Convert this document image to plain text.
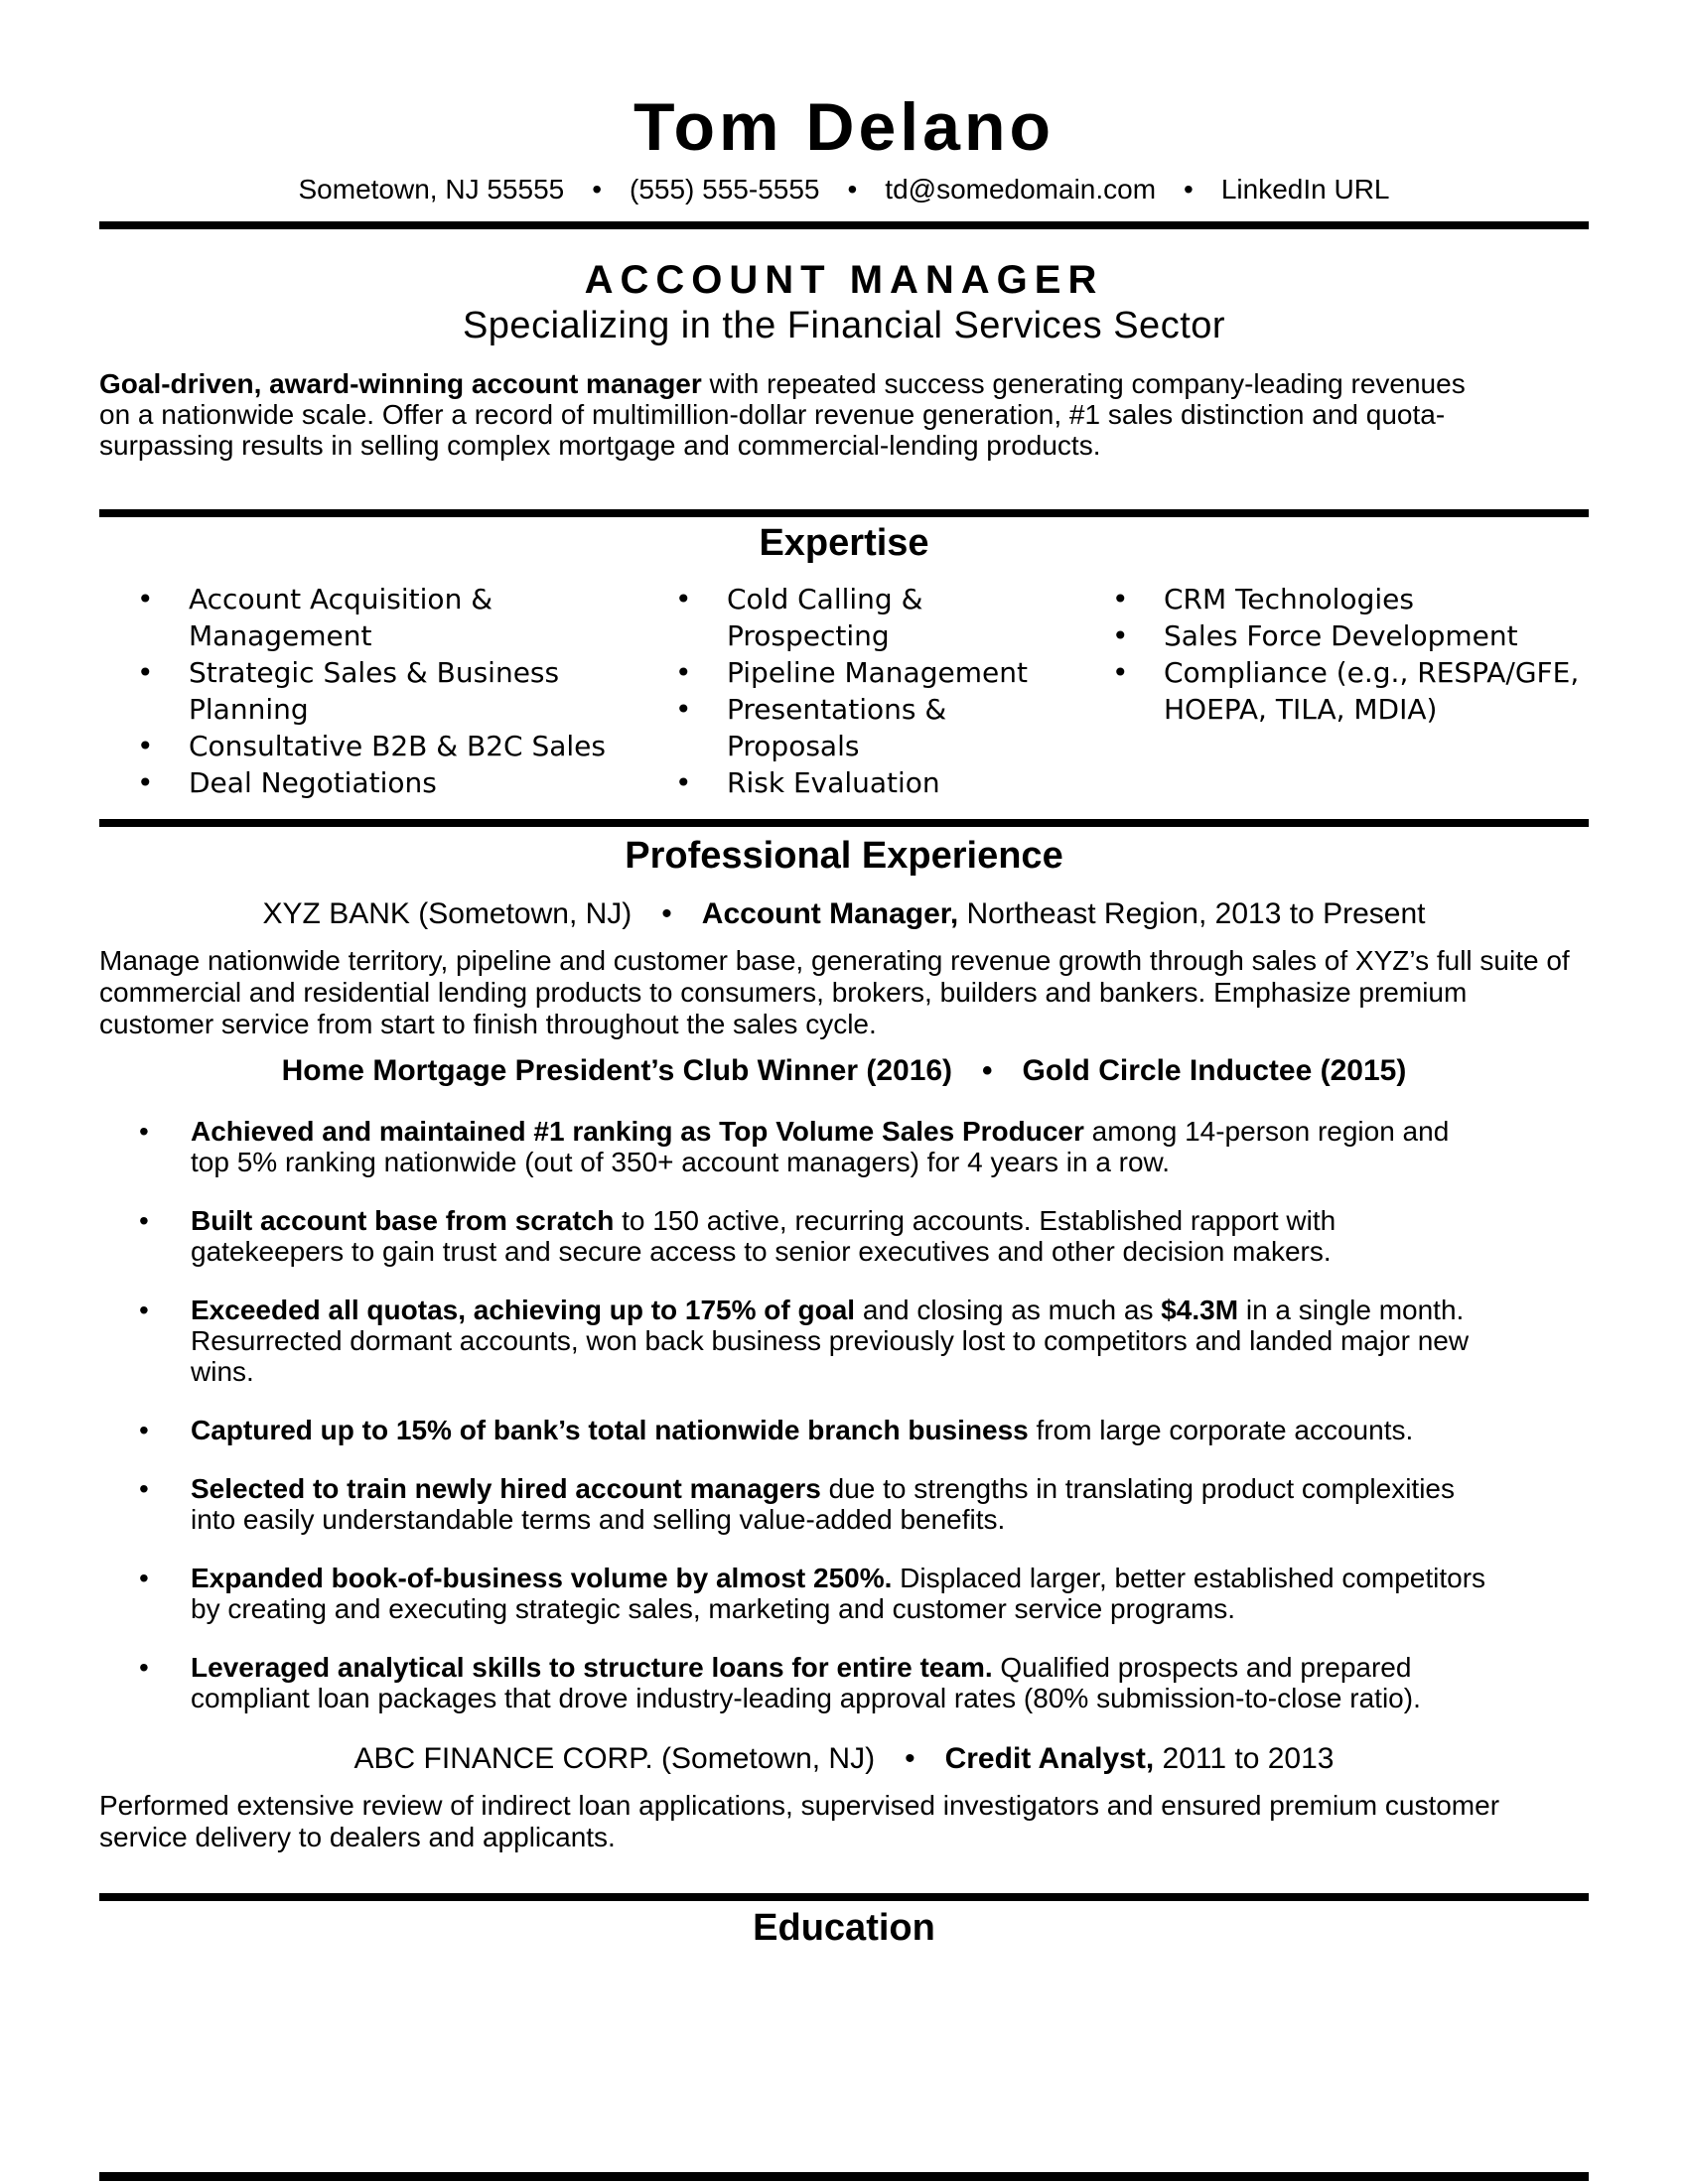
Tom Delano
Sometown, NJ 55555  •  (555) 555-5555  •  td@somedomain.com  •  LinkedIn URL
ACCOUNT MANAGER
Specializing in the Financial Services Sector

Goal-driven, award-winning account manager with repeated success generating company-leading revenues on a nationwide scale. Offer a record of multimillion-dollar revenue generation, #1 sales distinction and quota-surpassing results in selling complex mortgage and commercial-lending products.

Expertise
•	Account Acquisition & Management
•	Strategic Sales & Business Planning
•	Consultative B2B & B2C Sales
•	Deal Negotiations
•	Cold Calling & Prospecting
•	Pipeline Management
•	Presentations & Proposals
•	Risk Evaluation
•	CRM Technologies
•	Sales Force Development
•	Compliance (e.g., RESPA/GFE, HOEPA, TILA, MDIA)
Professional Experience
XYZ BANK (Sometown, NJ)  •  Account Manager, Northeast Region, 2013 to Present

Manage nationwide territory, pipeline and customer base, generating revenue growth through sales of XYZ’s full suite of commercial and residential lending products to consumers, brokers, builders and bankers. Emphasize premium customer service from start to finish throughout the sales cycle.

Home Mortgage President’s Club Winner (2016)  •  Gold Circle Inductee (2015)
•	Achieved and maintained #1 ranking as Top Volume Sales Producer among 14-person region and top 5% ranking nationwide (out of 350+ account managers) for 4 years in a row.
•	Built account base from scratch to 150 active, recurring accounts. Established rapport with gatekeepers to gain trust and secure access to senior executives and other decision makers.
•	Exceeded all quotas, achieving up to 175% of goal and closing as much as $4.3M in a single month. Resurrected dormant accounts, won back business previously lost to competitors and landed major new wins.
•	Captured up to 15% of bank’s total nationwide branch business from large corporate accounts.
•	Selected to train newly hired account managers due to strengths in translating product complexities into easily understandable terms and selling value-added benefits.
•	Expanded book-of-business volume by almost 250%. Displaced larger, better established competitors by creating and executing strategic sales, marketing and customer service programs.
•	Leveraged analytical skills to structure loans for entire team. Qualified prospects and prepared compliant loan packages that drove industry-leading approval rates (80% submission-to-close ratio).
ABC FINANCE CORP. (Sometown, NJ)  •  Credit Analyst, 2011 to 2013

Performed extensive review of indirect loan applications, supervised investigators and ensured premium customer service delivery to dealers and applicants.

Education
